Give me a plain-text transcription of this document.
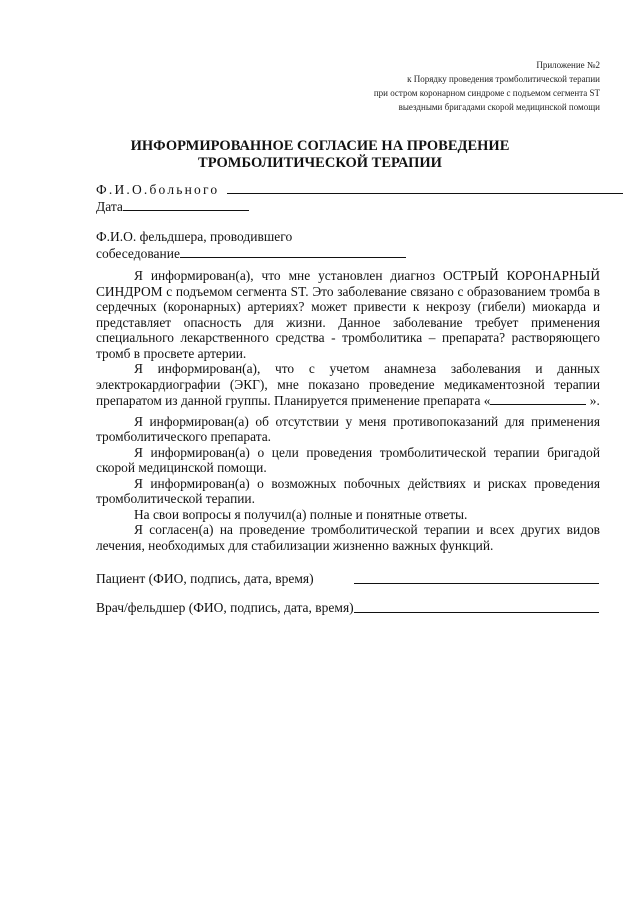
Приложение №2
к Порядку проведения тромболитической терапии
при остром коронарном синдроме с подъемом сегмента ST
выездными бригадами скорой медицинской помощи
ИНФОРМИРОВАННОЕ СОГЛАСИЕ НА ПРОВЕДЕНИЕ
ТРОМБОЛИТИЧЕСКОЙ ТЕРАПИИ
Ф.И.О.больного
Дата
Ф.И.О. фельдшера, проводившего
собеседование

Я информирован(а), что мне установлен диагноз ОСТРЫЙ КОРОНАРНЫЙ СИНДРОМ с подъемом сегмента ST. Это заболевание связано с образованием тромба в сердечных (коронарных) артериях? может привести к некрозу (гибели) миокарда и представляет опасность для жизни. Данное заболевание требует применения специального лекарственного средства - тромболитика – препарата? растворяющего тромб в просвете артерии.

Я информирован(а), что с учетом анамнеза заболевания и данных электрокардиографии (ЭКГ), мне показано проведение медикаментозной терапии препаратом из данной группы. Планируется применение препарата «	».

Я информирован(а) об отсутствии у меня противопоказаний для применения тромболитического препарата.

Я информирован(а) о цели проведения тромболитической терапии бригадой скорой медицинской помощи.

Я информирован(а) о возможных побочных действиях и рисках проведения тромболитической терапии.

На свои вопросы я получил(а) полные и понятные ответы.

Я согласен(а) на проведение тромболитической терапии и всех других видов лечения, необходимых для стабилизации жизненно важных функций.

Пациент (ФИО, подпись, дата, время)
Врач/фельдшер (ФИО, подпись, дата, время)
